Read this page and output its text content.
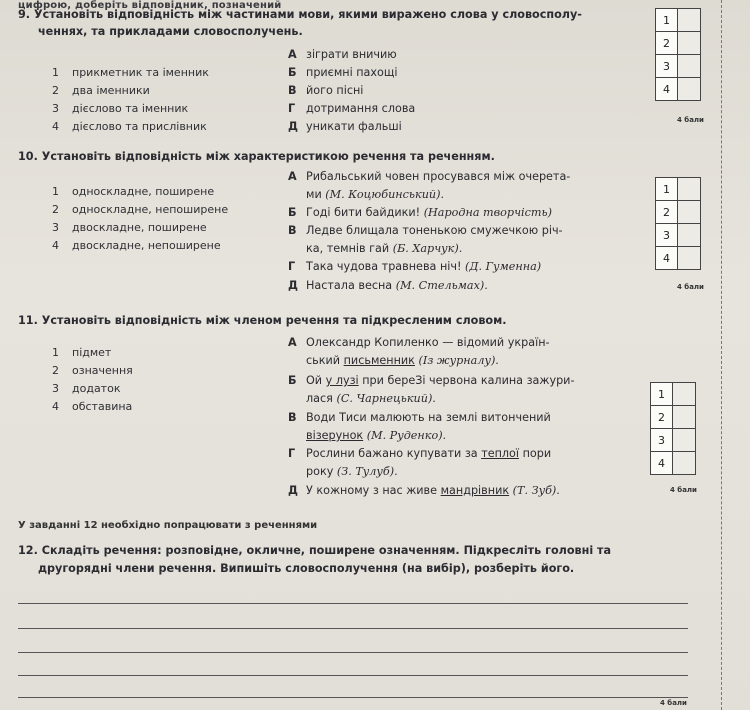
цифрою, доберіть відповідник, позначений
9. Установіть відповідність між частинами мови, якими виражено слова у словосполу-
ченнях, та прикладами словосполучень.
1 прикметник та іменник
2 два іменники
3 дієслово та іменник
4 дієслово та прислівник
А зіграти вничию
Б приємні пахощі
В його пісні
Г дотримання слова
Д уникати фальші
1
2
3
4
4 бали
10. Установіть відповідність між характеристикою речення та реченням.
1 односкладне, поширене
2 односкладне, непоширене
3 двоскладне, поширене
4 двоскладне, непоширене
А Рибальський човен просувався між очерета-
ми (М. Коцюбинський).
Б Годі бити байдики! (Народна творчість)
В Ледве блищала тоненькою смужечкою річ-
ка, темнів гай (Б. Харчук).
Г Така чудова травнева ніч! (Д. Гуменна)
Д Настала весна (М. Стельмах).
1
2
3
4
4 бали
11. Установіть відповідність між членом речення та підкресленим словом.
1 підмет
2 означення
3 додаток
4 обставина
А Олександр Копиленко — відомий україн-
ський письменник (Із журналу).
Б Ой у лузі при береЗі червона калина зажури-
лася (С. Чарнецький).
В Води Тиси малюють на землі витончений
візерунок (М. Руденко).
Г Рослини бажано купувати за теплої пори
року (З. Тулуб).
Д У кожному з нас живе мандрівник (Т. Зуб).
1
2
3
4
4 бали
У завданні 12 необхідно попрацювати з реченнями
12. Складіть речення: розповідне, окличне, поширене означенням. Підкресліть головні та
другорядні члени речення. Випишіть словосполучення (на вибір), розберіть його.
4 бали
